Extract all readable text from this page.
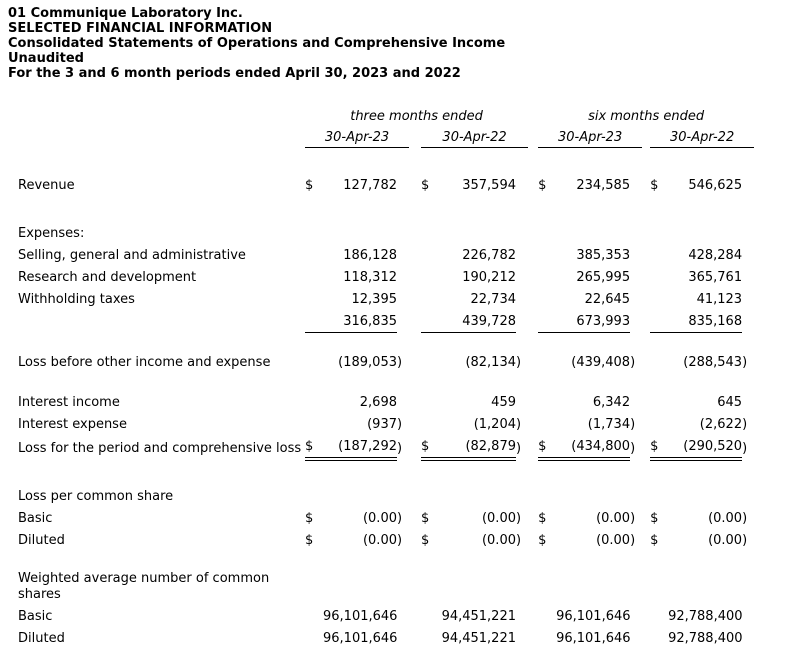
01 Communique Laboratory Inc.
SELECTED FINANCIAL INFORMATION
Consolidated Statements of Operations and Comprehensive Income
Unaudited
For the 3 and 6 month periods ended April 30, 2023 and 2022
	three months ended								six months ended							
	30-Apr-23				30-Apr-22				30-Apr-23				30-Apr-22			

Revenue	$	127,782			$	357,594			$	234,585			$	546,625		

Expenses:																
Selling, general and administrative		186,128				226,782				385,353				428,284		
Research and development		118,312				190,212				265,995				365,761		
Withholding taxes		12,395				22,734				22,645				41,123		
		316,835				439,728				673,993				835,168		

Loss before other income and expense		(189,053	)			(82,134	)			(439,408	)			(288,543	)	

Interest income		2,698				459				6,342				645		
Interest expense		(937	)			(1,204	)			(1,734	)			(2,622	)	
Loss for the period and comprehensive loss	$	(187,292	)		$	(82,879	)		$	(434,800	)		$	(290,520	)	

Loss per common share																
Basic	$	(0.00	)		$	(0.00	)		$	(0.00	)		$	(0.00	)	
Diluted	$	(0.00	)		$	(0.00	)		$	(0.00	)		$	(0.00	)	

Weighted average number of common shares																
Basic		96,101,646				94,451,221				96,101,646				92,788,400		
Diluted		96,101,646				94,451,221				96,101,646				92,788,400		
